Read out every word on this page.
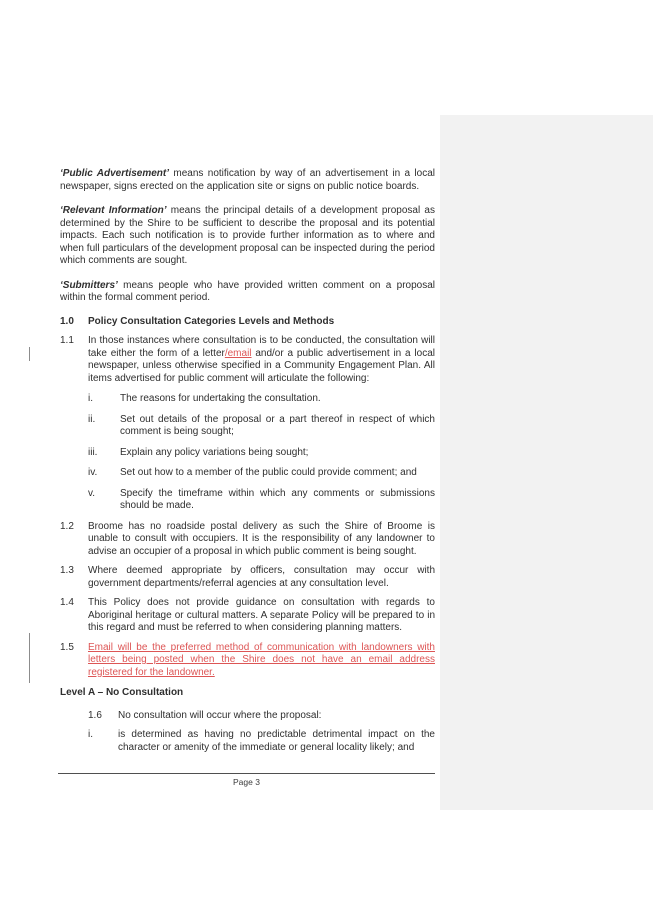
‘Public Advertisement’ means notification by way of an advertisement in a local newspaper, signs erected on the application site or signs on public notice boards.

‘Relevant Information’ means the principal details of a development proposal as determined by the Shire to be sufficient to describe the proposal and its potential impacts. Each such notification is to provide further information as to where and when full particulars of the development proposal can be inspected during the period which comments are sought.

‘Submitters’ means people who have provided written comment on a proposal within the formal comment period.

1.0	Policy Consultation Categories Levels and Methods
1.1	In those instances where consultation is to be conducted, the consultation will take either the form of a letter/email and/or a public advertisement in a local newspaper, unless otherwise specified in a Community Engagement Plan. All items advertised for public comment will articulate the following:
i.	The reasons for undertaking the consultation.
ii.	Set out details of the proposal or a part thereof in respect of which comment is being sought;
iii.	Explain any policy variations being sought;
iv.	Set out how to a member of the public could provide comment; and
v.	Specify the timeframe within which any comments or submissions should be made.
1.2	Broome has no roadside postal delivery as such the Shire of Broome is unable to consult with occupiers. It is the responsibility of any landowner to advise an occupier of a proposal in which public comment is being sought.
1.3	Where deemed appropriate by officers, consultation may occur with government departments/referral agencies at any consultation level.
1.4	This Policy does not provide guidance on consultation with regards to Aboriginal heritage or cultural matters. A separate Policy will be prepared to in this regard and must be referred to when considering planning matters.
1.5	Email will be the preferred method of communication with landowners with letters being posted when the Shire does not have an email address registered for the landowner.
Level A – No Consultation
1.6	No consultation will occur where the proposal:
i.	is determined as having no predictable detrimental impact on the character or amenity of the immediate or general locality likely; and
Page 3
